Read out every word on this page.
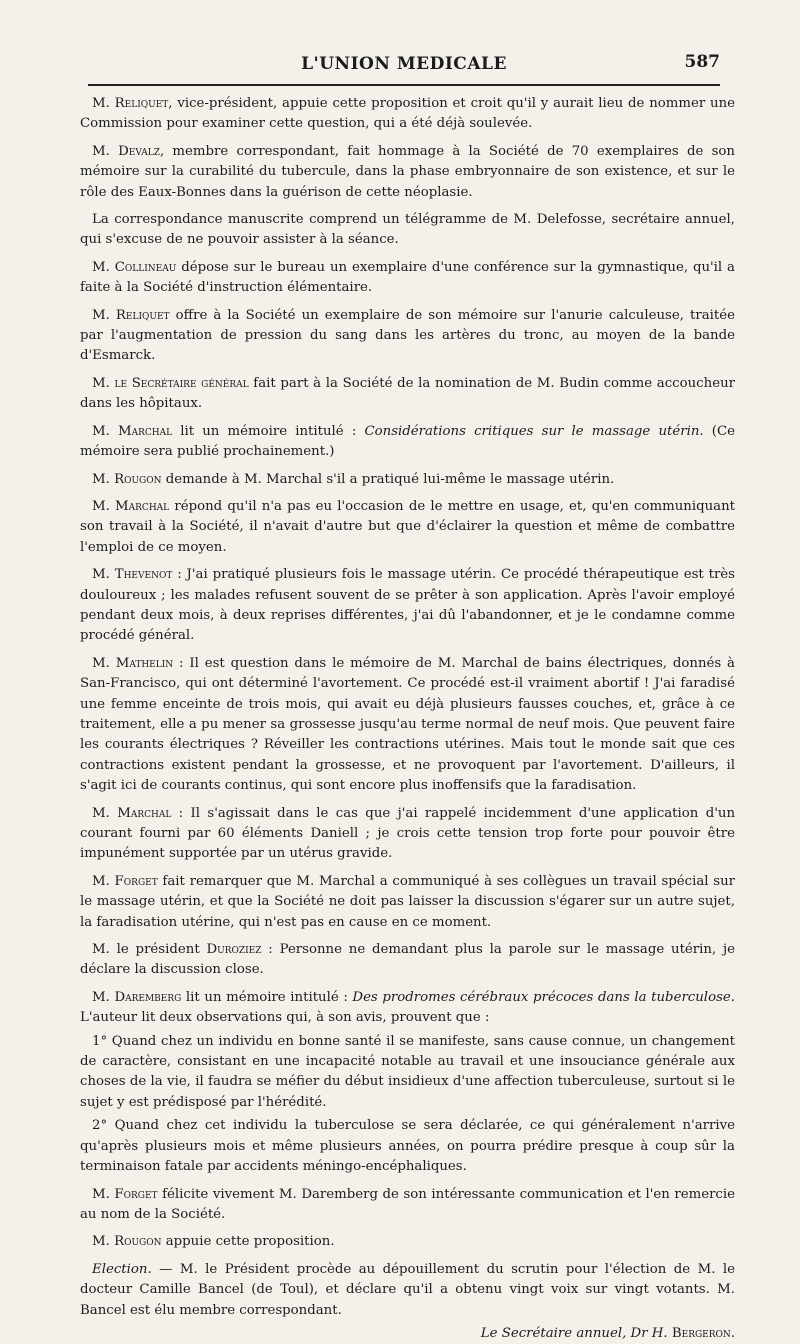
L'UNION MEDICALE	587

M. Reliquet, vice-président, appuie cette proposition et croit qu'il y aurait lieu de nommer une Commission pour examiner cette question, qui a été déjà soulevée.

M. Devalz, membre correspondant, fait hommage à la Société de 70 exemplaires de son mémoire sur la curabilité du tubercule, dans la phase embryonnaire de son existence, et sur le rôle des Eaux-Bonnes dans la guérison de cette néoplasie.

La correspondance manuscrite comprend un télégramme de M. Delefosse, secrétaire annuel, qui s'excuse de ne pouvoir assister à la séance.

M. Collineau dépose sur le bureau un exemplaire d'une conférence sur la gymnastique, qu'il a faite à la Société d'instruction élémentaire.

M. Reliquet offre à la Société un exemplaire de son mémoire sur l'anurie calculeuse, traitée par l'augmentation de pression du sang dans les artères du tronc, au moyen de la bande d'Esmarck.

M. le Secrétaire général fait part à la Société de la nomination de M. Budin comme accoucheur dans les hôpitaux.

M. Marchal lit un mémoire intitulé : Considérations critiques sur le massage utérin. (Ce mémoire sera publié prochainement.)

M. Rougon demande à M. Marchal s'il a pratiqué lui-même le massage utérin.

M. Marchal répond qu'il n'a pas eu l'occasion de le mettre en usage, et, qu'en communiquant son travail à la Société, il n'avait d'autre but que d'éclairer la question et même de combattre l'emploi de ce moyen.

M. Thevenot : J'ai pratiqué plusieurs fois le massage utérin. Ce procédé thérapeutique est très douloureux ; les malades refusent souvent de se prêter à son application. Après l'avoir employé pendant deux mois, à deux reprises différentes, j'ai dû l'abandonner, et je le condamne comme procédé général.

M. Mathelin : Il est question dans le mémoire de M. Marchal de bains électriques, donnés à San-Francisco, qui ont déterminé l'avortement. Ce procédé est-il vraiment abortif ! J'ai faradisé une femme enceinte de trois mois, qui avait eu déjà plusieurs fausses couches, et, grâce à ce traitement, elle a pu mener sa grossesse jusqu'au terme normal de neuf mois. Que peuvent faire les courants électriques ? Réveiller les contractions utérines. Mais tout le monde sait que ces contractions existent pendant la grossesse, et ne provoquent par l'avortement. D'ailleurs, il s'agit ici de courants continus, qui sont encore plus inoffensifs que la faradisation.

M. Marchal : Il s'agissait dans le cas que j'ai rappelé incidemment d'une application d'un courant fourni par 60 éléments Daniell ; je crois cette tension trop forte pour pouvoir être impunément supportée par un utérus gravide.

M. Forget fait remarquer que M. Marchal a communiqué à ses collègues un travail spécial sur le massage utérin, et que la Société ne doit pas laisser la discussion s'égarer sur un autre sujet, la faradisation utérine, qui n'est pas en cause en ce moment.

M. le président Duroziez : Personne ne demandant plus la parole sur le massage utérin, je déclare la discussion close.

M. Daremberg lit un mémoire intitulé : Des prodromes cérébraux précoces dans la tuberculose. L'auteur lit deux observations qui, à son avis, prouvent que :

1° Quand chez un individu en bonne santé il se manifeste, sans cause connue, un changement de caractère, consistant en une incapacité notable au travail et une insouciance générale aux choses de la vie, il faudra se méfier du début insidieux d'une affection tuberculeuse, surtout si le sujet y est prédisposé par l'hérédité.

2° Quand chez cet individu la tuberculose se sera déclarée, ce qui généralement n'arrive qu'après plusieurs mois et même plusieurs années, on pourra prédire presque à coup sûr la terminaison fatale par accidents méningo-encéphaliques.

M. Forget félicite vivement M. Daremberg de son intéressante communication et l'en remercie au nom de la Société.

M. Rougon appuie cette proposition.

Election. — M. le Président procède au dépouillement du scrutin pour l'élection de M. le docteur Camille Bancel (de Toul), et déclare qu'il a obtenu vingt voix sur vingt votants. M. Bancel est élu membre correspondant.

Le Secrétaire annuel, Dr H. Bergeron.
